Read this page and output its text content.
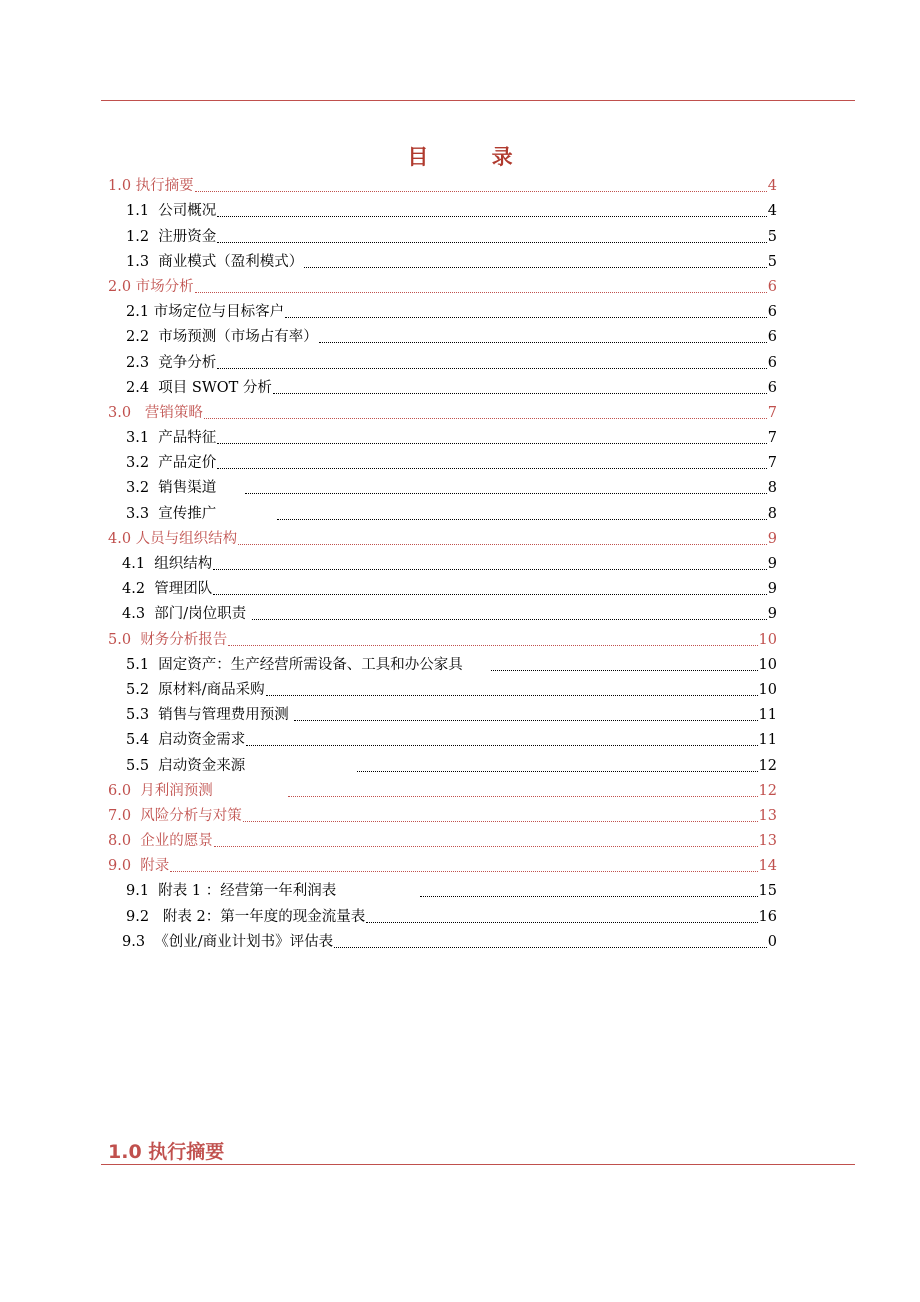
目 录
1.0 执行摘要	4
1.1  公司概况	4
1.2  注册资金	5
1.3  商业模式（盈利模式）	5
2.0 市场分析	6
2.1 市场定位与目标客户	6
2.2  市场预测（市场占有率）	6
2.3  竞争分析	6
2.4  项目 SWOT 分析	6
3.0   营销策略	7
3.1  产品特征	7
3.2  产品定价	7
3.2  销售渠道	8
3.3  宣传推广	8
4.0 人员与组织结构	9
4.1  组织结构	9
4.2  管理团队	9
4.3  部门/岗位职责	9
5.0  财务分析报告	10
5.1  固定资产：生产经营所需设备、工具和办公家具	10
5.2  原材料/商品采购	10
5.3  销售与管理费用预测	11
5.4  启动资金需求	11
5.5  启动资金来源	12
6.0  月利润预测	12
7.0  风险分析与对策	13
8.0  企业的愿景	13
9.0  附录	14
9.1  附表 1 ：经营第一年利润表	15
9.2   附表 2：第一年度的现金流量表	16
9.3  《创业/商业计划书》评估表	0
1.0 执行摘要
